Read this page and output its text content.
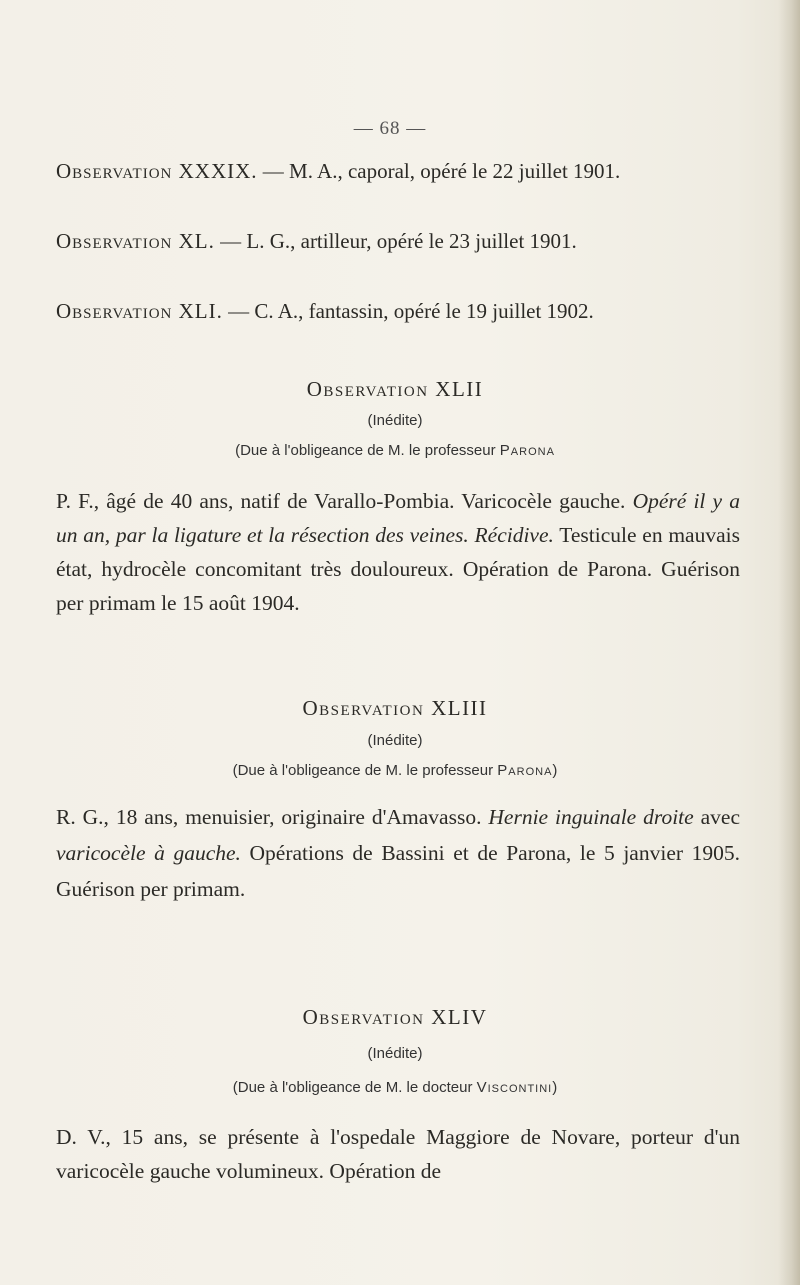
— 68 —
Observation XXXIX. — M. A., caporal, opéré le 22 juillet 1901.
Observation XL. — L. G., artilleur, opéré le 23 juillet 1901.
Observation XLI. — C. A., fantassin, opéré le 19 juillet 1902.
Observation XLII
(Inédite)
(Due à l'obligeance de M. le professeur Parona
P. F., âgé de 40 ans, natif de Varallo-Pombia. Varicocèle gauche. Opéré il y a un an, par la ligature et la résection des veines. Récidive. Testicule en mauvais état, hydrocèle concomitant très douloureux. Opération de Parona. Guérison per primam le 15 août 1904.
Observation XLIII
(Inédite)
(Due à l'obligeance de M. le professeur Parona)
R. G., 18 ans, menuisier, originaire d'Amavasso. Hernie inguinale droite avec varicocèle à gauche. Opérations de Bassini et de Parona, le 5 janvier 1905. Guérison per primam.
Observation XLIV
(Inédite)
(Due à l'obligeance de M. le docteur Viscontini)
D. V., 15 ans, se présente à l'ospedale Maggiore de Novare, porteur d'un varicocèle gauche volumineux. Opération de
